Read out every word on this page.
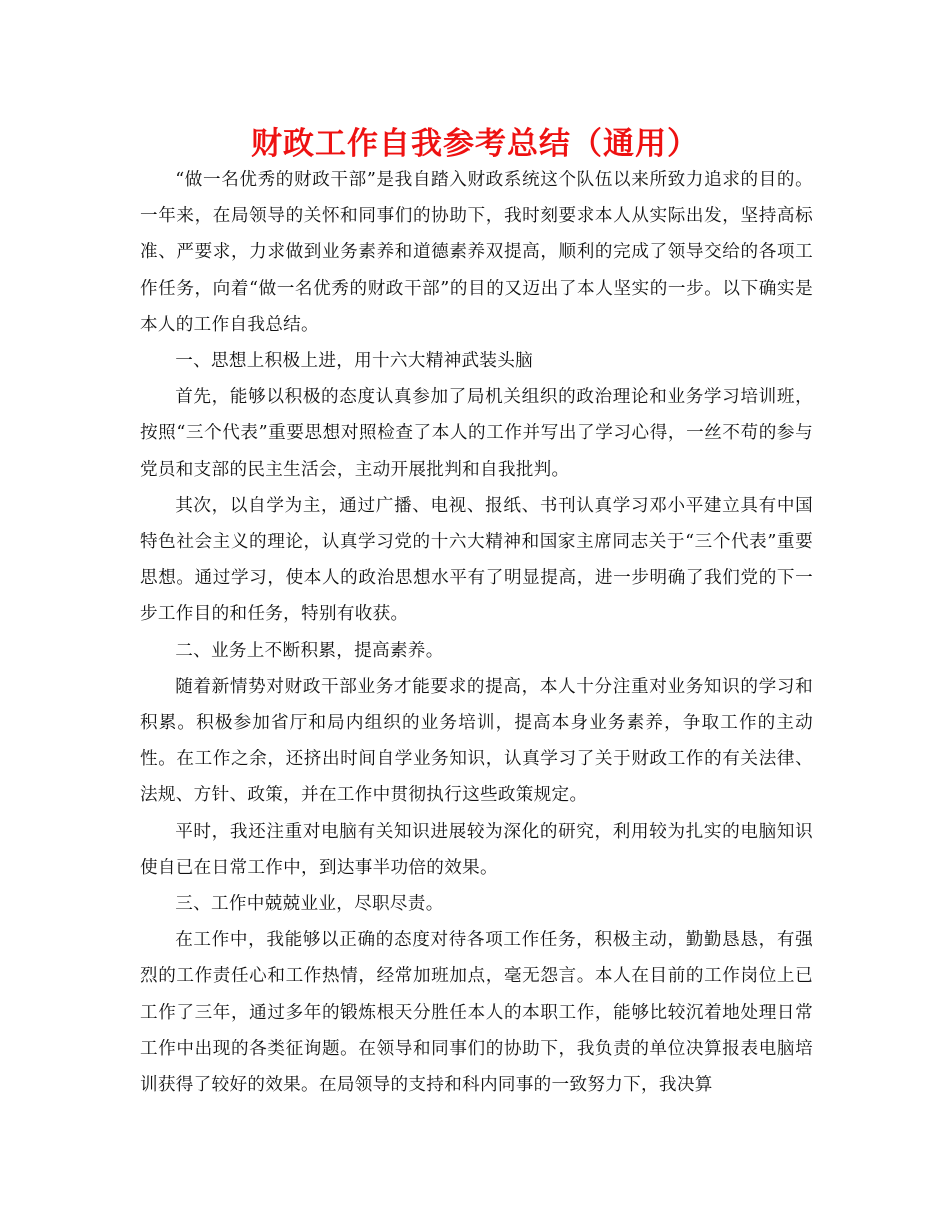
财政工作自我参考总结（通用）

“做一名优秀的财政干部”是我自踏入财政系统这个队伍以来所致力追求的目的。一年来，在局领导的关怀和同事们的协助下，我时刻要求本人从实际出发，坚持高标准、严要求，力求做到业务素养和道德素养双提高，顺利的完成了领导交给的各项工作任务，向着“做一名优秀的财政干部”的目的又迈出了本人坚实的一步。以下确实是本人的工作自我总结。

一、思想上积极上进，用十六大精神武装头脑

首先，能够以积极的态度认真参加了局机关组织的政治理论和业务学习培训班，按照“三个代表”重要思想对照检查了本人的工作并写出了学习心得，一丝不苟的参与党员和支部的民主生活会，主动开展批判和自我批判。

其次，以自学为主，通过广播、电视、报纸、书刊认真学习邓小平建立具有中国特色社会主义的理论，认真学习党的十六大精神和国家主席同志关于“三个代表”重要思想。通过学习，使本人的政治思想水平有了明显提高，进一步明确了我们党的下一步工作目的和任务，特别有收获。

二、业务上不断积累，提高素养。

随着新情势对财政干部业务才能要求的提高，本人十分注重对业务知识的学习和积累。积极参加省厅和局内组织的业务培训，提高本身业务素养，争取工作的主动性。在工作之余，还挤出时间自学业务知识，认真学习了关于财政工作的有关法律、法规、方针、政策，并在工作中贯彻执行这些政策规定。

平时，我还注重对电脑有关知识进展较为深化的研究，利用较为扎实的电脑知识使自已在日常工作中，到达事半功倍的效果。

三、工作中兢兢业业，尽职尽责。

在工作中，我能够以正确的态度对待各项工作任务，积极主动，勤勤恳恳，有强烈的工作责任心和工作热情，经常加班加点，毫无怨言。本人在目前的工作岗位上已工作了三年，通过多年的锻炼根天分胜任本人的本职工作，能够比较沉着地处理日常工作中出现的各类征询题。在领导和同事们的协助下，我负责的单位决算报表电脑培训获得了较好的效果。在局领导的支持和科内同事的一致努力下，我决算
